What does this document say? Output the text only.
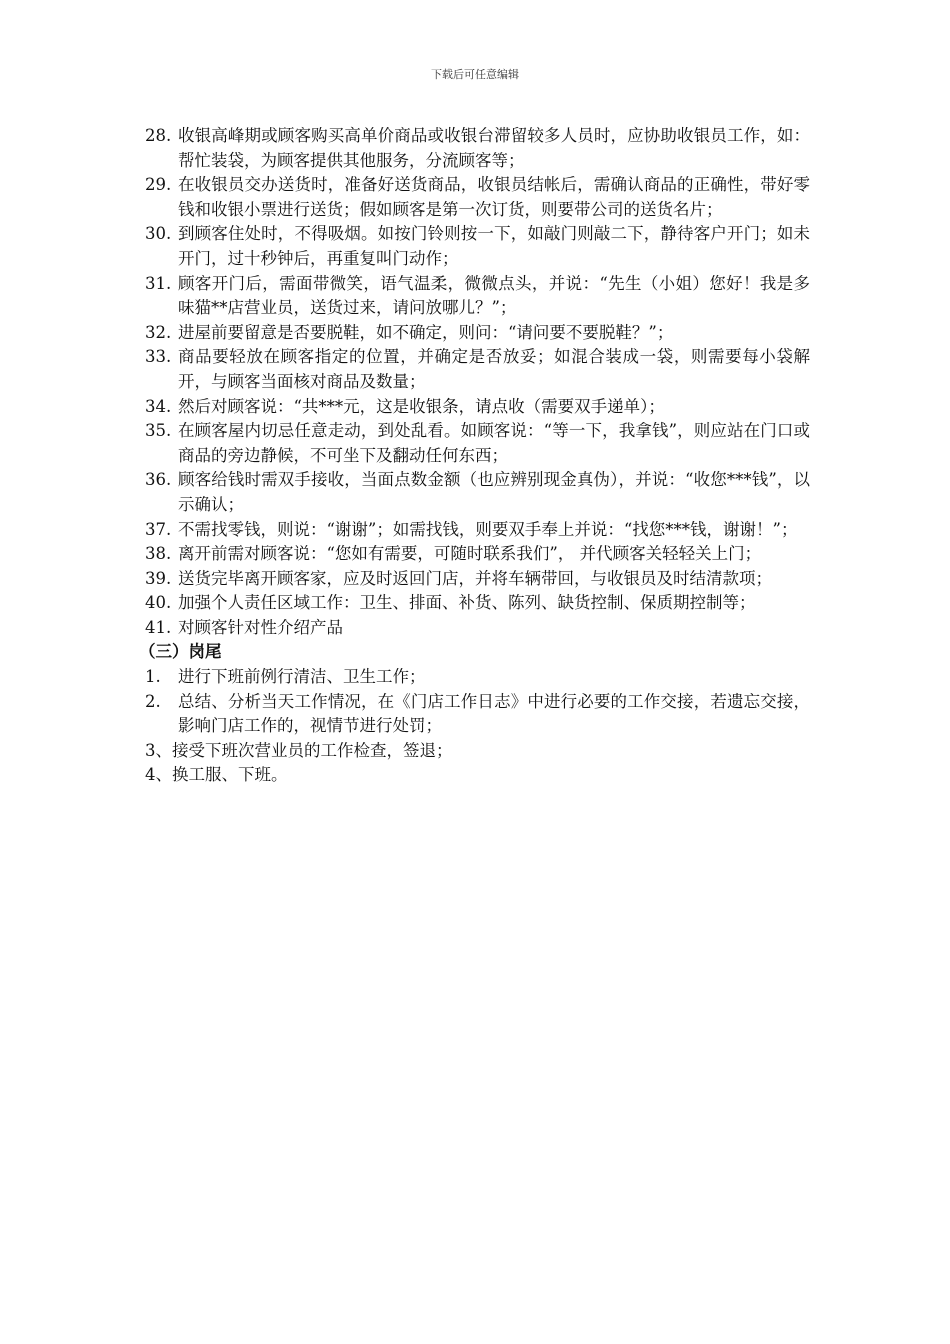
下载后可任意编辑
28. 收银高峰期或顾客购买高单价商品或收银台滞留较多人员时，应协助收银员工作，如：帮忙装袋，为顾客提供其他服务，分流顾客等；
29. 在收银员交办送货时，准备好送货商品，收银员结帐后，需确认商品的正确性，带好零钱和收银小票进行送货；假如顾客是第一次订货，则要带公司的送货名片；
30. 到顾客住处时，不得吸烟。如按门铃则按一下，如敲门则敲二下，静待客户开门；如未开门，过十秒钟后，再重复叫门动作；
31. 顾客开门后，需面带微笑，语气温柔，微微点头，并说：“先生（小姐）您好！我是多味猫**店营业员，送货过来，请问放哪儿？”；
32. 进屋前要留意是否要脱鞋，如不确定，则问：“请问要不要脱鞋？”；
33. 商品要轻放在顾客指定的位置，并确定是否放妥；如混合装成一袋，则需要每小袋解开，与顾客当面核对商品及数量；
34. 然后对顾客说：“共***元，这是收银条，请点收（需要双手递单）；
35. 在顾客屋内切忌任意走动，到处乱看。如顾客说：“等一下，我拿钱”，则应站在门口或商品的旁边静候，不可坐下及翻动任何东西；
36. 顾客给钱时需双手接收，当面点数金额（也应辨别现金真伪），并说：“收您***钱”，以示确认；
37. 不需找零钱，则说：“谢谢”；如需找钱，则要双手奉上并说：“找您***钱，谢谢！”；
38. 离开前需对顾客说：“您如有需要，可随时联系我们”， 并代顾客关轻轻关上门；
39. 送货完毕离开顾客家，应及时返回门店，并将车辆带回，与收银员及时结清款项；
40. 加强个人责任区域工作：卫生、排面、补货、陈列、缺货控制、保质期控制等；
41. 对顾客针对性介绍产品
（三）岗尾
1. 进行下班前例行清洁、卫生工作；
2. 总结、分析当天工作情况，在《门店工作日志》中进行必要的工作交接，若遗忘交接，影响门店工作的，视情节进行处罚；
3、接受下班次营业员的工作检查，签退；
4、换工服、下班。
